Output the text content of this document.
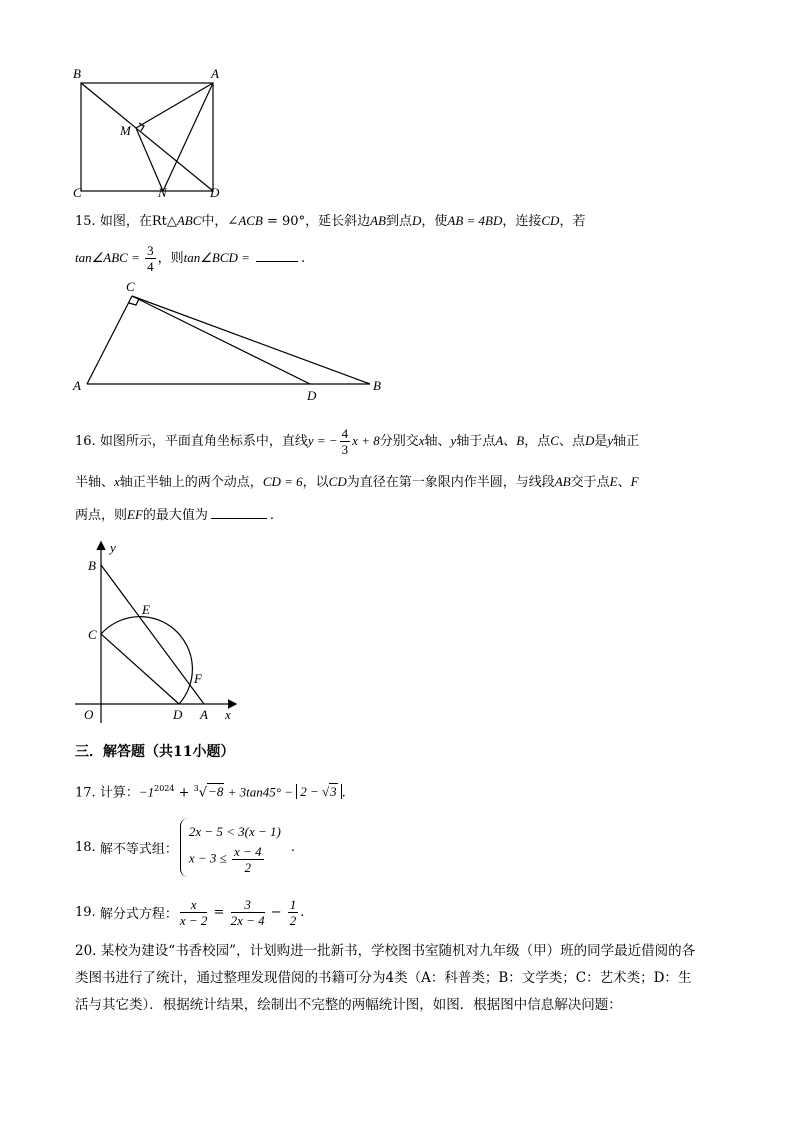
B	A
M
C	N	D
15. 如图，在Rt△ABC中，∠ACB = 90°，延长斜边AB到点D，使AB = 4BD，连接CD，若
tan∠ABC = $\frac{3}{4}$ ，则tan∠BCD =	.
C
A
D
B
16. 如图所示，平面直角坐标系中，直线y = − $\frac{4}{3}$ x + 8分别交x轴、y轴于点A、B，点C、点D是y轴正
半轴、x轴正半轴上的两个动点，CD = 6，以CD为直径在第一象限内作半圆，与线段AB交于点E、F
两点，则EF的最大值为	.
y
B
E
C
F
O	D A x
三．解答题（共11小题）
17. 计算：$-1^{2024} + ^3√-8 + 3\tan 45^\circ - 2 - √3$ .
18. 解不等式组：
2x − 5 < 3(x − 1)
$x - 3 \le \frac{x - 4}{2}$ .
19. 解分式方程： $\frac{x}{x - 2} = \frac{3}{2x - 4} - \frac{1}{2}$ .
20. 某校为建设“书香校园”，计划购进一批新书，学校图书室随机对九年级（甲）班的同学最近借阅的各
类图书进行了统计，通过整理发现借阅的书籍可分为4类（A：科普类；B：文学类；C：艺术类；D：生
活与其它类）．根据统计结果，绘制出不完整的两幅统计图，如图．根据图中信息解决问题：
